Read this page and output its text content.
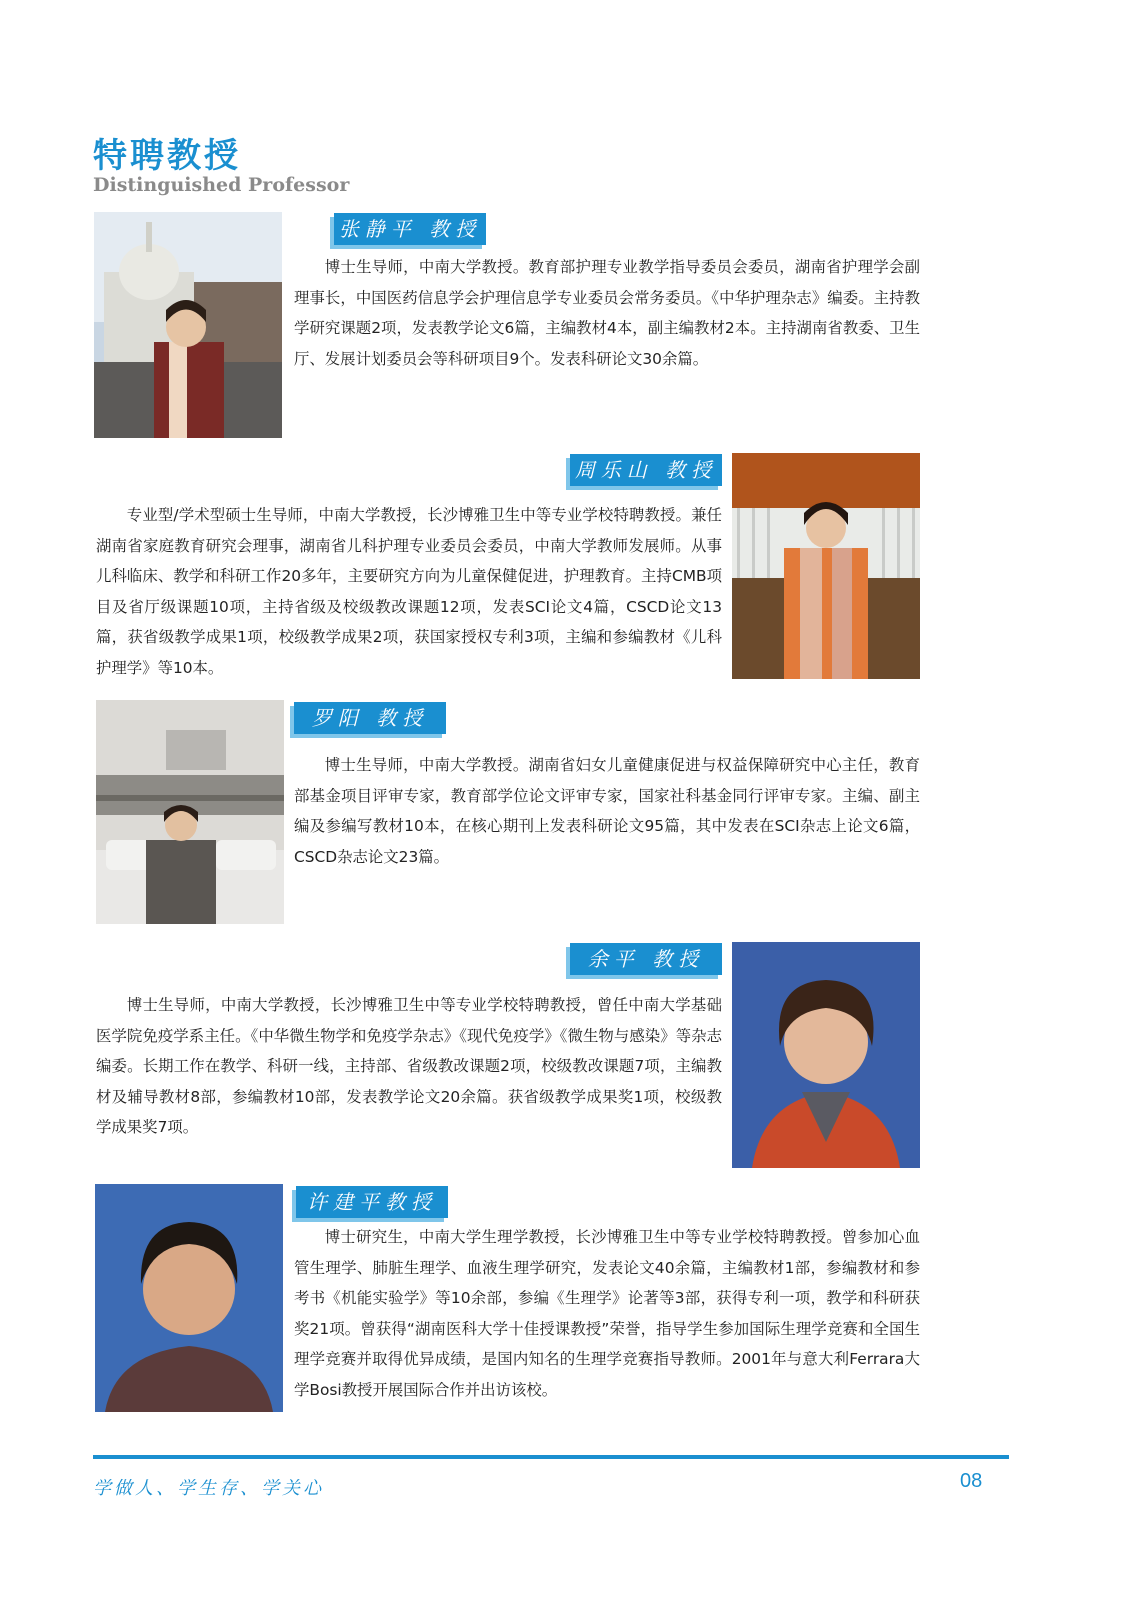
特聘教授
Distinguished Professor
张静平 教授

博士生导师，中南大学教授。教育部护理专业教学指导委员会委员，湖南省护理学会副理事长，中国医药信息学会护理信息学专业委员会常务委员。《中华护理杂志》编委。主持教学研究课题2项，发表教学论文6篇，主编教材4本，副主编教材2本。主持湖南省教委、卫生厅、发展计划委员会等科研项目9个。发表科研论文30余篇。

周乐山 教授

专业型/学术型硕士生导师，中南大学教授，长沙博雅卫生中等专业学校特聘教授。兼任湖南省家庭教育研究会理事，湖南省儿科护理专业委员会委员，中南大学教师发展师。从事儿科临床、教学和科研工作20多年，主要研究方向为儿童保健促进，护理教育。主持CMB项目及省厅级课题10项，主持省级及校级教改课题12项，发表SCI论文4篇，CSCD论文13篇，获省级教学成果1项，校级教学成果2项，获国家授权专利3项，主编和参编教材《儿科护理学》等10本。

罗阳 教授

博士生导师，中南大学教授。湖南省妇女儿童健康促进与权益保障研究中心主任，教育部基金项目评审专家，教育部学位论文评审专家，国家社科基金同行评审专家。主编、副主编及参编写教材10本，在核心期刊上发表科研论文95篇，其中发表在SCI杂志上论文6篇，CSCD杂志论文23篇。

余平 教授

博士生导师，中南大学教授，长沙博雅卫生中等专业学校特聘教授，曾任中南大学基础医学院免疫学系主任。《中华微生物学和免疫学杂志》《现代免疫学》《微生物与感染》等杂志编委。长期工作在教学、科研一线，主持部、省级教改课题2项，校级教改课题7项，主编教材及辅导教材8部，参编教材10部，发表教学论文20余篇。获省级教学成果奖1项，校级教学成果奖7项。

许建平教授

博士研究生，中南大学生理学教授，长沙博雅卫生中等专业学校特聘教授。曾参加心血管生理学、肺脏生理学、血液生理学研究，发表论文40余篇，主编教材1部，参编教材和参考书《机能实验学》等10余部，参编《生理学》论著等3部，获得专利一项，教学和科研获奖21项。曾获得“湖南医科大学十佳授课教授”荣誉，指导学生参加国际生理学竞赛和全国生理学竞赛并取得优异成绩，是国内知名的生理学竞赛指导教师。2001年与意大利Ferrara大学Bosi教授开展国际合作并出访该校。

学做人、学生存、学关心	08
